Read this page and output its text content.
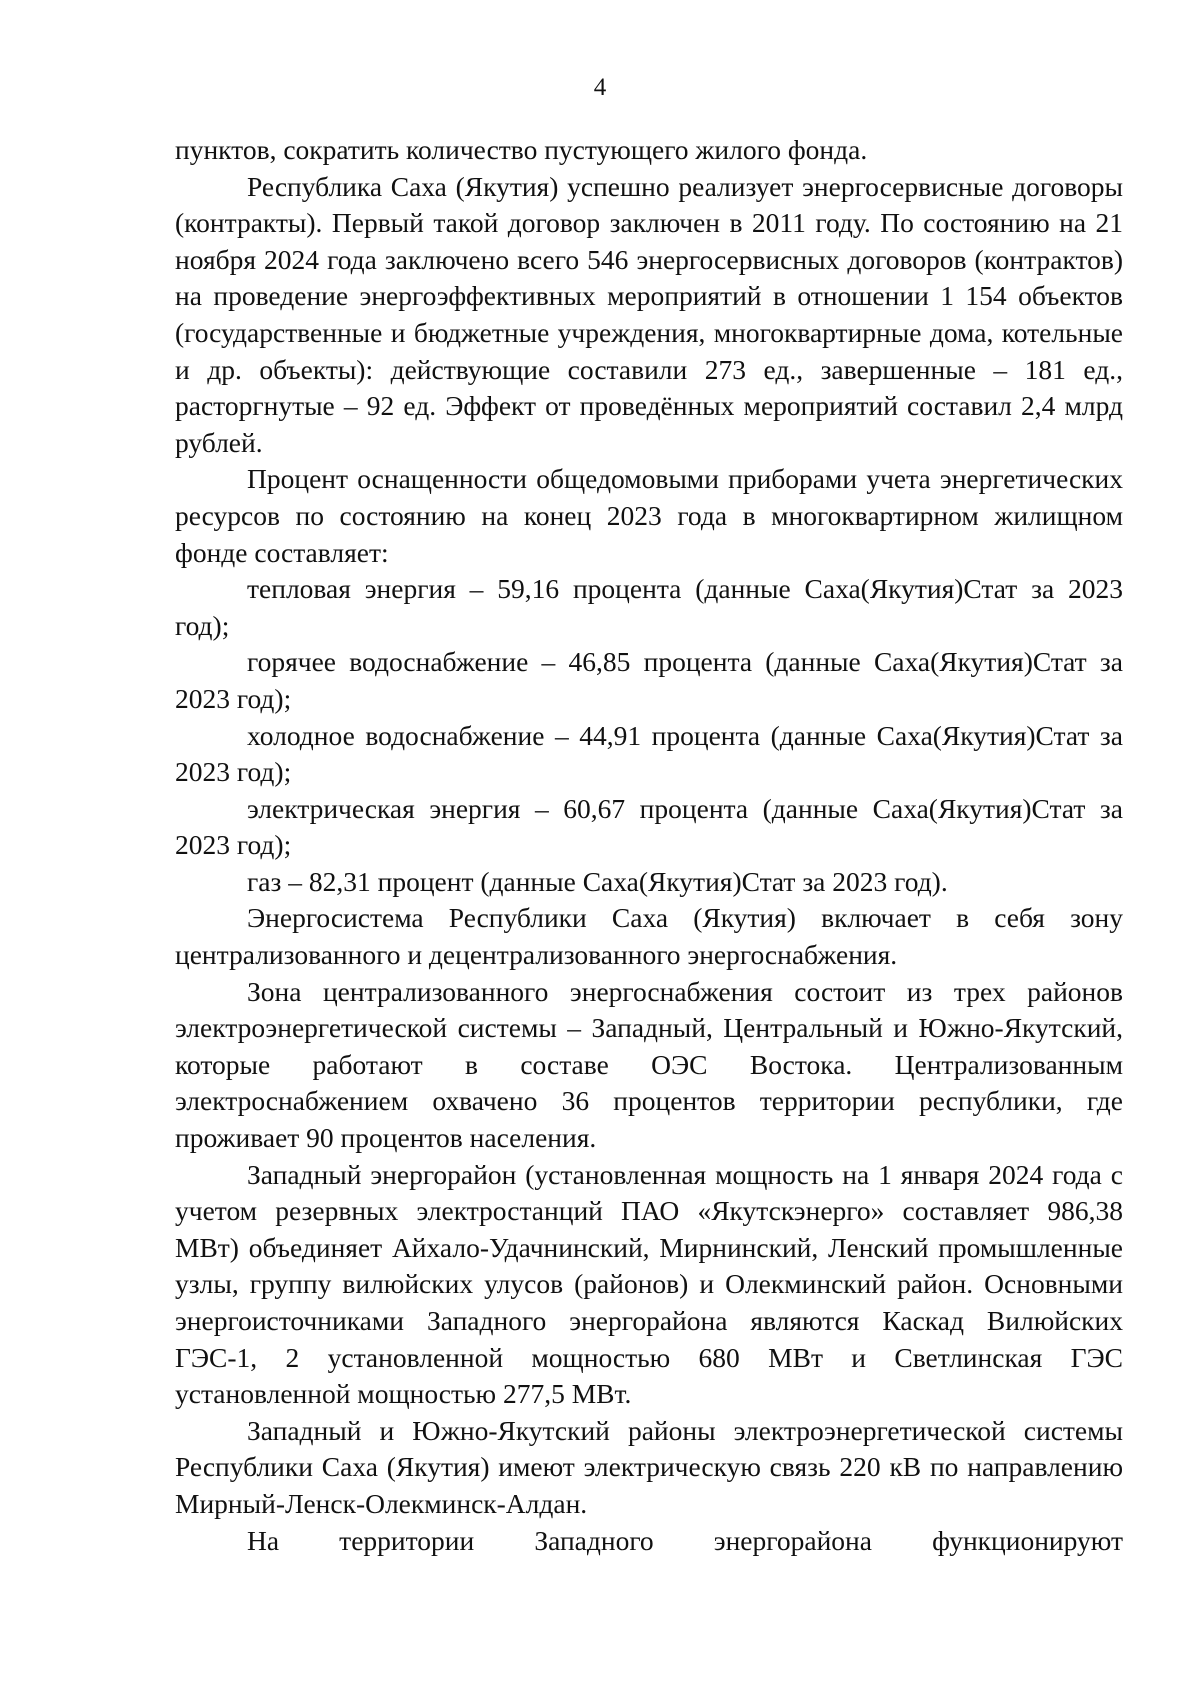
4

пунктов, сократить количество пустующего жилого фонда.

Республика Саха (Якутия) успешно реализует энергосервисные договоры (контракты). Первый такой договор заключен в 2011 году. По состоянию на 21 ноября 2024 года заключено всего 546 энергосервисных договоров (контрактов) на проведение энергоэффективных мероприятий в отношении 1 154 объектов (государственные и бюджетные учреждения, многоквартирные дома, котельные и др. объекты): действующие составили 273 ед., завершенные – 181 ед., расторгнутые – 92 ед. Эффект от проведённых мероприятий составил 2,4 млрд рублей.

Процент оснащенности общедомовыми приборами учета энергетических ресурсов по состоянию на конец 2023 года в многоквартирном жилищном фонде составляет:

тепловая энергия – 59,16 процента (данные Саха(Якутия)Стат за 2023 год);

горячее водоснабжение – 46,85 процента (данные Саха(Якутия)Стат за 2023 год);

холодное водоснабжение – 44,91 процента (данные Саха(Якутия)Стат за 2023 год);

электрическая энергия – 60,67 процента (данные Саха(Якутия)Стат за 2023 год);

газ – 82,31 процент (данные Саха(Якутия)Стат за 2023 год).

Энергосистема Республики Саха (Якутия) включает в себя зону централизованного и децентрализованного энергоснабжения.

Зона централизованного энергоснабжения состоит из трех районов электроэнергетической системы – Западный, Центральный и Южно-Якутский, которые работают в составе ОЭС Востока. Централизованным электроснабжением охвачено 36 процентов территории республики, где проживает 90 процентов населения.

Западный энергорайон (установленная мощность на 1 января 2024 года с учетом резервных электростанций ПАО «Якутскэнерго» составляет 986,38 МВт) объединяет Айхало-Удачнинский, Мирнинский, Ленский промышленные узлы, группу вилюйских улусов (районов) и Олекминский район. Основными энергоисточниками Западного энергорайона являются Каскад Вилюйских ГЭС-1, 2 установленной мощностью 680 МВт и Светлинская ГЭС установленной мощностью 277,5 МВт.

Западный и Южно-Якутский районы электроэнергетической системы Республики Саха (Якутия) имеют электрическую связь 220 кВ по направлению Мирный-Ленск-Олекминск-Алдан.

На территории Западного энергорайона функционируют
